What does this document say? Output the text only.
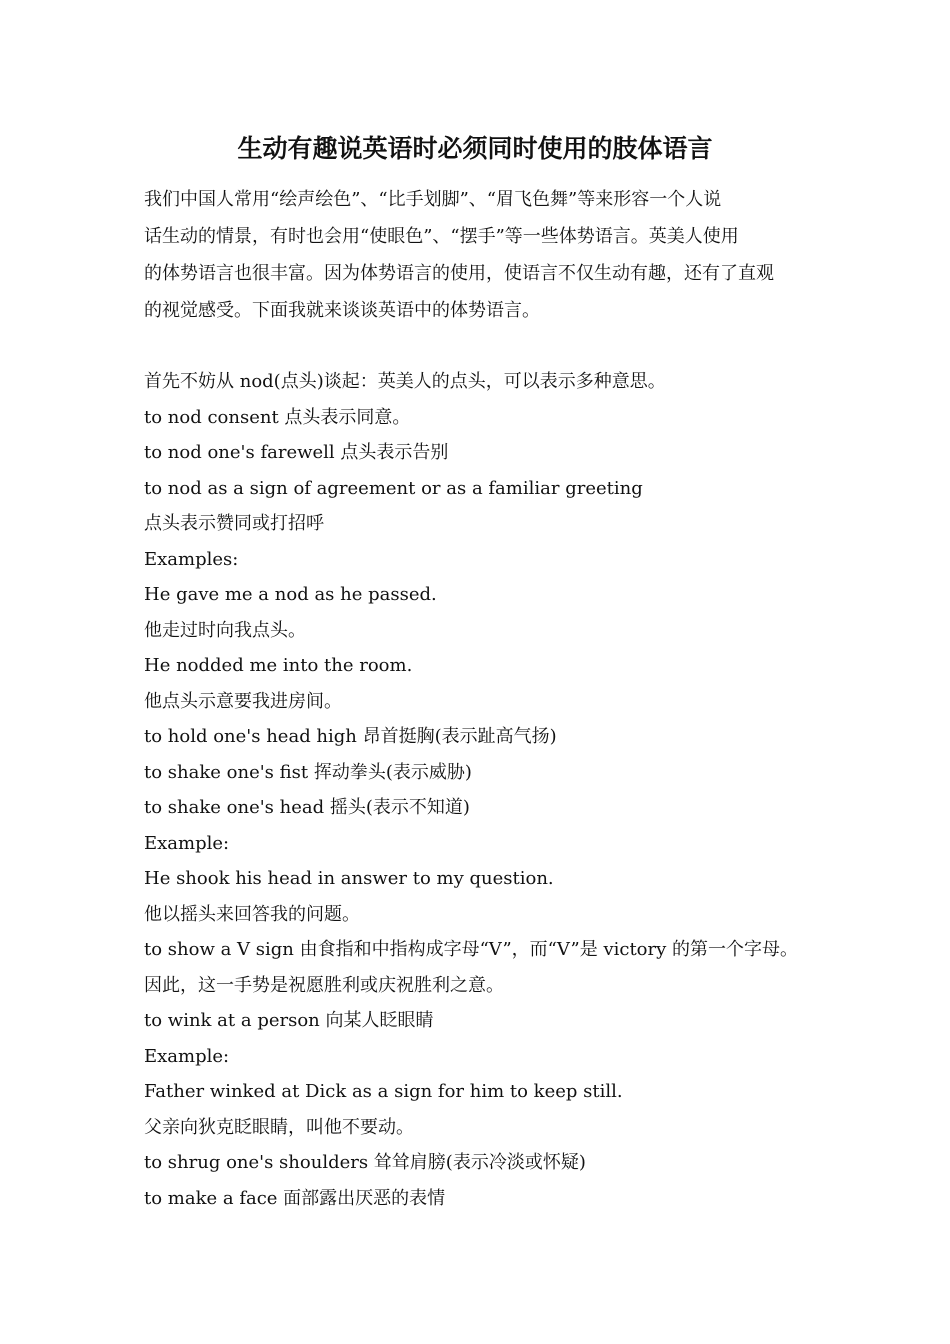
生动有趣说英语时必须同时使用的肢体语言
我们中国人常用“绘声绘色”、“比手划脚”、“眉飞色舞”等来形容一个人说
话生动的情景，有时也会用“使眼色”、“摆手”等一些体势语言。英美人使用
的体势语言也很丰富。因为体势语言的使用，使语言不仅生动有趣，还有了直观
的视觉感受。下面我就来谈谈英语中的体势语言。
首先不妨从 nod(点头)谈起：英美人的点头，可以表示多种意思。
to nod consent 点头表示同意。
to nod one's farewell 点头表示告别
to nod as a sign of agreement or as a familiar greeting
点头表示赞同或打招呼
Examples:
He gave me a nod as he passed.
他走过时向我点头。
He nodded me into the room.
他点头示意要我进房间。
to hold one's head high 昂首挺胸(表示趾高气扬)
to shake one's fist 挥动拳头(表示威胁)
to shake one's head 摇头(表示不知道)
Example:
He shook his head in answer to my question.
他以摇头来回答我的问题。
to show a V sign 由食指和中指构成字母“V”，而“V”是 victory 的第一个字母。
因此，这一手势是祝愿胜利或庆祝胜利之意。
to wink at a person 向某人眨眼睛
Example:
Father winked at Dick as a sign for him to keep still.
父亲向狄克眨眼睛，叫他不要动。
to shrug one's shoulders 耸耸肩膀(表示冷淡或怀疑)
to make a face 面部露出厌恶的表情
